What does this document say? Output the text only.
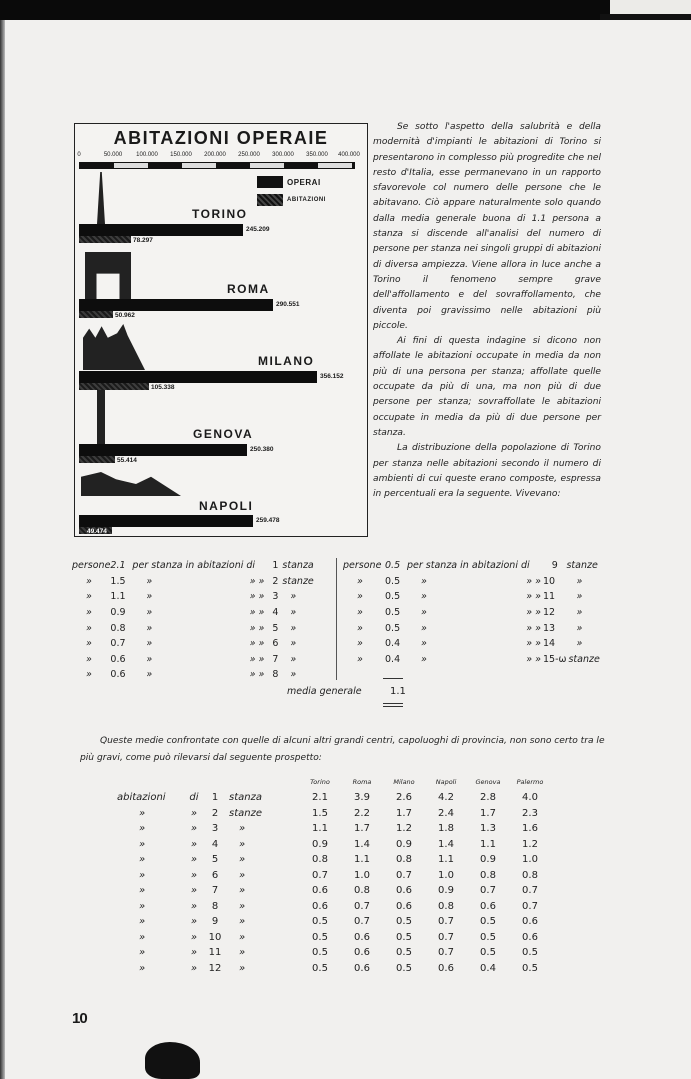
ABITAZIONI OPERAIE
0	50.000 100.000 150.000 200.000 250.000 300.000 350.000 400.000
OPERAI
ABITAZIONI
TORINO
245.209
78.297
ROMA
290.551
50.962
MILANO
356.152
105.338
GENOVA
250.380
55.414
NAPOLI
259.478
49.474

Se sotto l'aspetto della salubrità e della modernità d'impianti le abitazioni di Torino si presentarono in complesso più progredite che nel resto d'Italia, esse permanevano in un rapporto sfavorevole col numero delle persone che le abitavano. Ciò appare naturalmente solo quando dalla media generale buona di 1.1 persona a stanza si discende all'analisi del numero di persone per stanza nei singoli gruppi di abitazioni di diversa ampiezza. Viene allora in luce anche a Torino il fenomeno sempre grave dell'affollamento e del sovraffollamento, che diventa poi gravissimo nelle abitazioni più piccole.

Ai fini di questa indagine si dicono non affollate le abitazioni occupate in media da non più di una persona per stanza; affollate quelle occupate da più di una, ma non più di due persone per stanza; sovraffollate le abitazioni occupate in media da più di due persone per stanza.

La distribuzione della popolazione di Torino per stanza nelle abitazioni secondo il numero di ambienti di cui queste erano composte, espressa in percentuali era la seguente. Vivevano:

persone	2.1	per stanza in abitazioni di		1	stanza
»	1.5	»	» »	2	stanze
»	1.1	»	» »	3	»
»	0.9	»	» »	4	»
»	0.8	»	» »	5	»
»	0.7	»	» »	6	»
»	0.6	»	» »	7	»
»	0.6	»	» »	8	»
persone	0.5	per stanza in abitazioni di		9	stanze
»	0.5	»	» »	10	»
»	0.5	»	» »	11	»
»	0.5	»	» »	12	»
»	0.5	»	» »	13	»
»	0.4	»	» »	14	»
»	0.4	»	» »	15-ω	stanze
media generale	1.1
Queste medie confrontate con quelle di alcuni altri grandi centri, capoluoghi di provincia, non sono certo tra le più gravi, come può rilevarsi dal seguente prospetto:
				Torino	Roma	Milano	Napoli	Genova	Palermo
abitazioni	di	1	stanza	2.1	3.9	2.6	4.2	2.8	4.0
»	»	2	stanze	1.5	2.2	1.7	2.4	1.7	2.3
»	»	3	»	1.1	1.7	1.2	1.8	1.3	1.6
»	»	4	»	0.9	1.4	0.9	1.4	1.1	1.2
»	»	5	»	0.8	1.1	0.8	1.1	0.9	1.0
»	»	6	»	0.7	1.0	0.7	1.0	0.8	0.8
»	»	7	»	0.6	0.8	0.6	0.9	0.7	0.7
»	»	8	»	0.6	0.7	0.6	0.8	0.6	0.7
»	»	9	»	0.5	0.7	0.5	0.7	0.5	0.6
»	»	10	»	0.5	0.6	0.5	0.7	0.5	0.6
»	»	11	»	0.5	0.6	0.5	0.7	0.5	0.5
»	»	12	»	0.5	0.6	0.5	0.6	0.4	0.5
10
